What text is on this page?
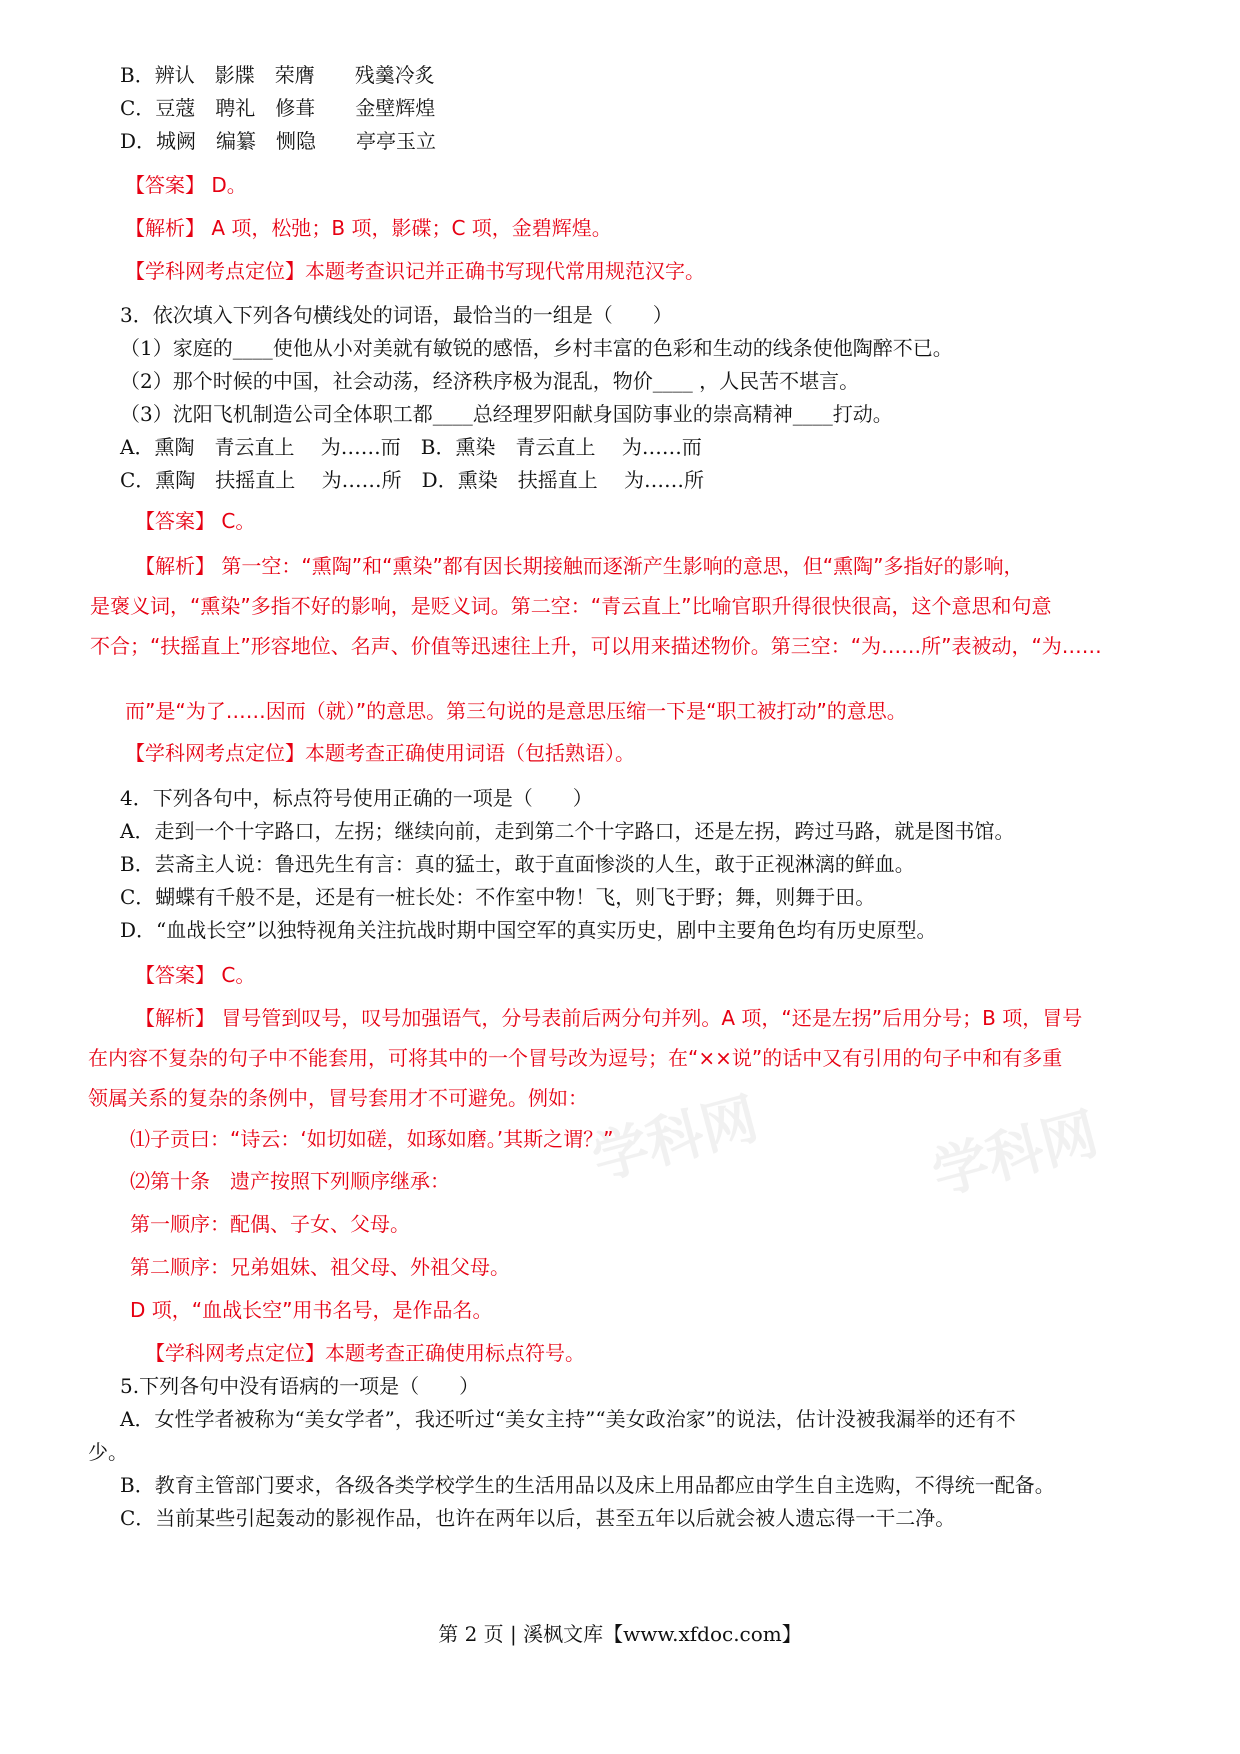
学科网	学科网
B．辨认　影牒　荣膺　　残羹冷炙
C．豆蔻　聘礼　修葺　　金壁辉煌
D．城阙　编纂　恻隐　　亭亭玉立
【答案】 D。
【解析】 A 项，松弛；B 项，影碟；C 项，金碧辉煌。
【学科网考点定位】本题考查识记并正确书写现代常用规范汉字。
3．依次填入下列各句横线处的词语，最恰当的一组是（　　）
（1）家庭的____使他从小对美就有敏锐的感悟，乡村丰富的色彩和生动的线条使他陶醉不已。
（2）那个时候的中国，社会动荡，经济秩序极为混乱，物价____ ，人民苦不堪言。
（3）沈阳飞机制造公司全体职工都____总经理罗阳献身国防事业的崇高精神____打动。
A．熏陶　青云直上　 为……而　B．熏染　青云直上　 为……而
C．熏陶　扶摇直上　 为……所　D．熏染　扶摇直上　 为……所
【答案】 C。
【解析】 第一空：“熏陶”和“熏染”都有因长期接触而逐渐产生影响的意思，但“熏陶”多指好的影响，
是褒义词，“熏染”多指不好的影响，是贬义词。第二空：“青云直上”比喻官职升得很快很高，这个意思和句意
不合；“扶摇直上”形容地位、名声、价值等迅速往上升，可以用来描述物价。第三空：“为……所”表被动，“为……
而”是“为了……因而（就）”的意思。第三句说的是意思压缩一下是“职工被打动”的意思。
【学科网考点定位】本题考查正确使用词语（包括熟语）。
4．下列各句中，标点符号使用正确的一项是（　　）
A．走到一个十字路口，左拐；继续向前，走到第二个十字路口，还是左拐，跨过马路，就是图书馆。
B．芸斋主人说：鲁迅先生有言：真的猛士，敢于直面惨淡的人生，敢于正视淋漓的鲜血。
C．蝴蝶有千般不是，还是有一桩长处：不作室中物！飞，则飞于野；舞，则舞于田。
D．“血战长空”以独特视角关注抗战时期中国空军的真实历史，剧中主要角色均有历史原型。
【答案】 C。
【解析】 冒号管到叹号，叹号加强语气，分号表前后两分句并列。A 项，“还是左拐”后用分号；B 项，冒号
在内容不复杂的句子中不能套用，可将其中的一个冒号改为逗号；在“××说”的话中又有引用的句子中和有多重
领属关系的复杂的条例中，冒号套用才不可避免。例如：
⑴子贡曰：“诗云：‘如切如磋，如琢如磨。’其斯之谓？”
⑵第十条　遗产按照下列顺序继承：
第一顺序：配偶、子女、父母。
第二顺序：兄弟姐妹、祖父母、外祖父母。
D 项，“血战长空”用书名号，是作品名。
【学科网考点定位】本题考查正确使用标点符号。
5.下列各句中没有语病的一项是（　　）
A．女性学者被称为“美女学者”，我还听过“美女主持”“美女政治家”的说法，估计没被我漏举的还有不
少。
B．教育主管部门要求，各级各类学校学生的生活用品以及床上用品都应由学生自主选购，不得统一配备。
C．当前某些引起轰动的影视作品，也许在两年以后，甚至五年以后就会被人遗忘得一干二净。
第 2 页 | 溪枫文库【www.xfdoc.com】
